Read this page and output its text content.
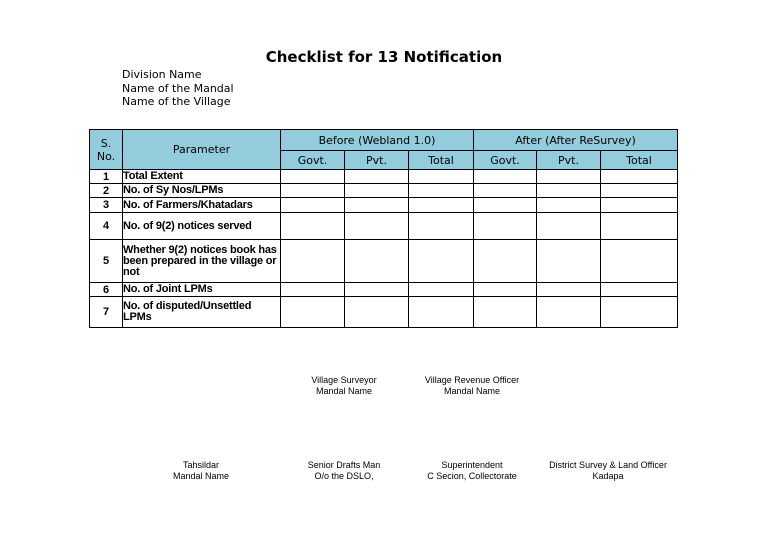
Checklist for 13 Notification
Division Name
Name of the Mandal
Name of the Village
S. No.	Parameter	Before (Webland 1.0)			After (After ReSurvey)		
		Govt.	Pvt.	Total	Govt.	Pvt.	Total
1	Total Extent						
2	No. of Sy Nos/LPMs						
3	No. of Farmers/Khatadars						
4	No. of 9(2) notices served						
5	Whether 9(2) notices book has been prepared in the village or not						
6	No. of Joint LPMs						
7	No. of disputed/Unsettled LPMs						
Village Surveyor
Mandal Name
Village Revenue Officer
Mandal Name
Tahsildar
Mandal Name
Senior Drafts Man
O/o the DSLO,
Superintendent
C Secion, Collectorate
District Survey & Land Officer
Kadapa
